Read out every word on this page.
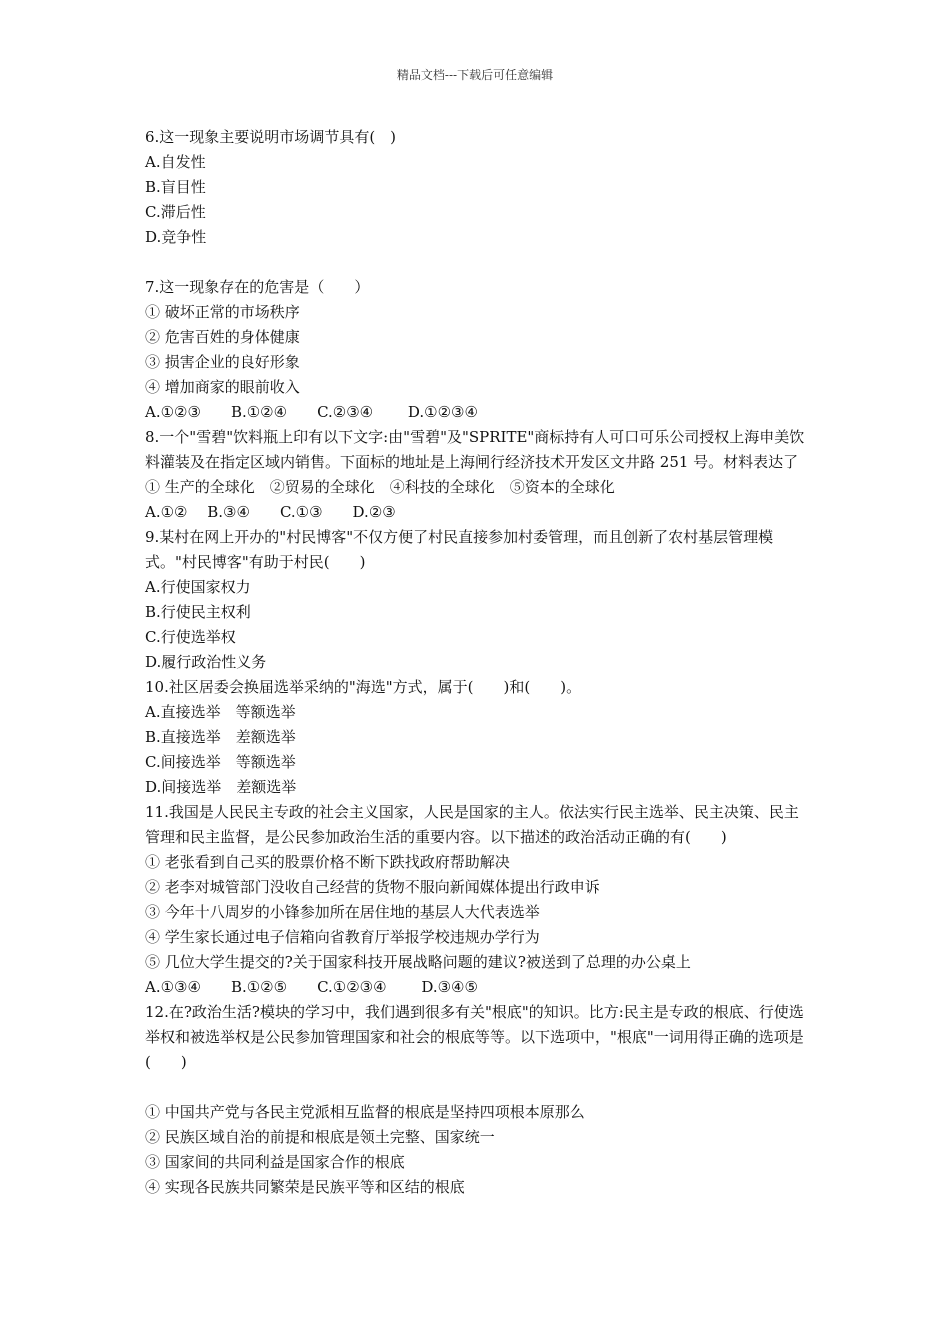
精品文档---下载后可任意编辑
6.这一现象主要说明市场调节具有(　)
A.自发性
B.盲目性
C.滞后性
D.竞争性
7.这一现象存在的危害是（　　）
① 破坏正常的市场秩序
② 危害百姓的身体健康
③ 损害企业的良好形象
④ 增加商家的眼前收入
A.①②③　　B.①②④　　C.②③④　　 D.①②③④
8.一个"雪碧"饮料瓶上印有以下文字:由"雪碧"及"SPRITE"商标持有人可口可乐公司授权上海申美饮料灌装及在指定区域内销售。下面标的地址是上海闸行经济技术开发区文井路 251 号。材料表达了
① 生产的全球化　②贸易的全球化　④科技的全球化　⑤资本的全球化
A.①②　 B.③④　　C.①③　　D.②③
9.某村在网上开办的"村民博客"不仅方便了村民直接参加村委管理，而且创新了农村基层管理模式。"村民博客"有助于村民(　　)
A.行使国家权力
B.行使民主权利
C.行使选举权
D.履行政治性义务
10.社区居委会换届选举采纳的"海选"方式，属于(　　)和(　　)。
A.直接选举　等额选举
B.直接选举　差额选举
C.间接选举　等额选举
D.间接选举　差额选举
11.我国是人民民主专政的社会主义国家，人民是国家的主人。依法实行民主选举、民主决策、民主管理和民主监督，是公民参加政治生活的重要内容。以下描述的政治活动正确的有(　　)
① 老张看到自己买的股票价格不断下跌找政府帮助解决
② 老李对城管部门没收自己经营的货物不服向新闻媒体提出行政申诉
③ 今年十八周岁的小锋参加所在居住地的基层人大代表选举
④ 学生家长通过电子信箱向省教育厅举报学校违规办学行为
⑤ 几位大学生提交的?关于国家科技开展战略问题的建议?被送到了总理的办公桌上
A.①③④　　B.①②⑤　　C.①②③④　　 D.③④⑤
12.在?政治生活?模块的学习中，我们遇到很多有关"根底"的知识。比方:民主是专政的根底、行使选举权和被选举权是公民参加管理国家和社会的根底等等。以下选项中，"根底"一词用得正确的选项是(　　)
① 中国共产党与各民主党派相互监督的根底是坚持四项根本原那么
② 民族区域自治的前提和根底是领土完整、国家统一
③ 国家间的共同利益是国家合作的根底
④ 实现各民族共同繁荣是民族平等和区结的根底
